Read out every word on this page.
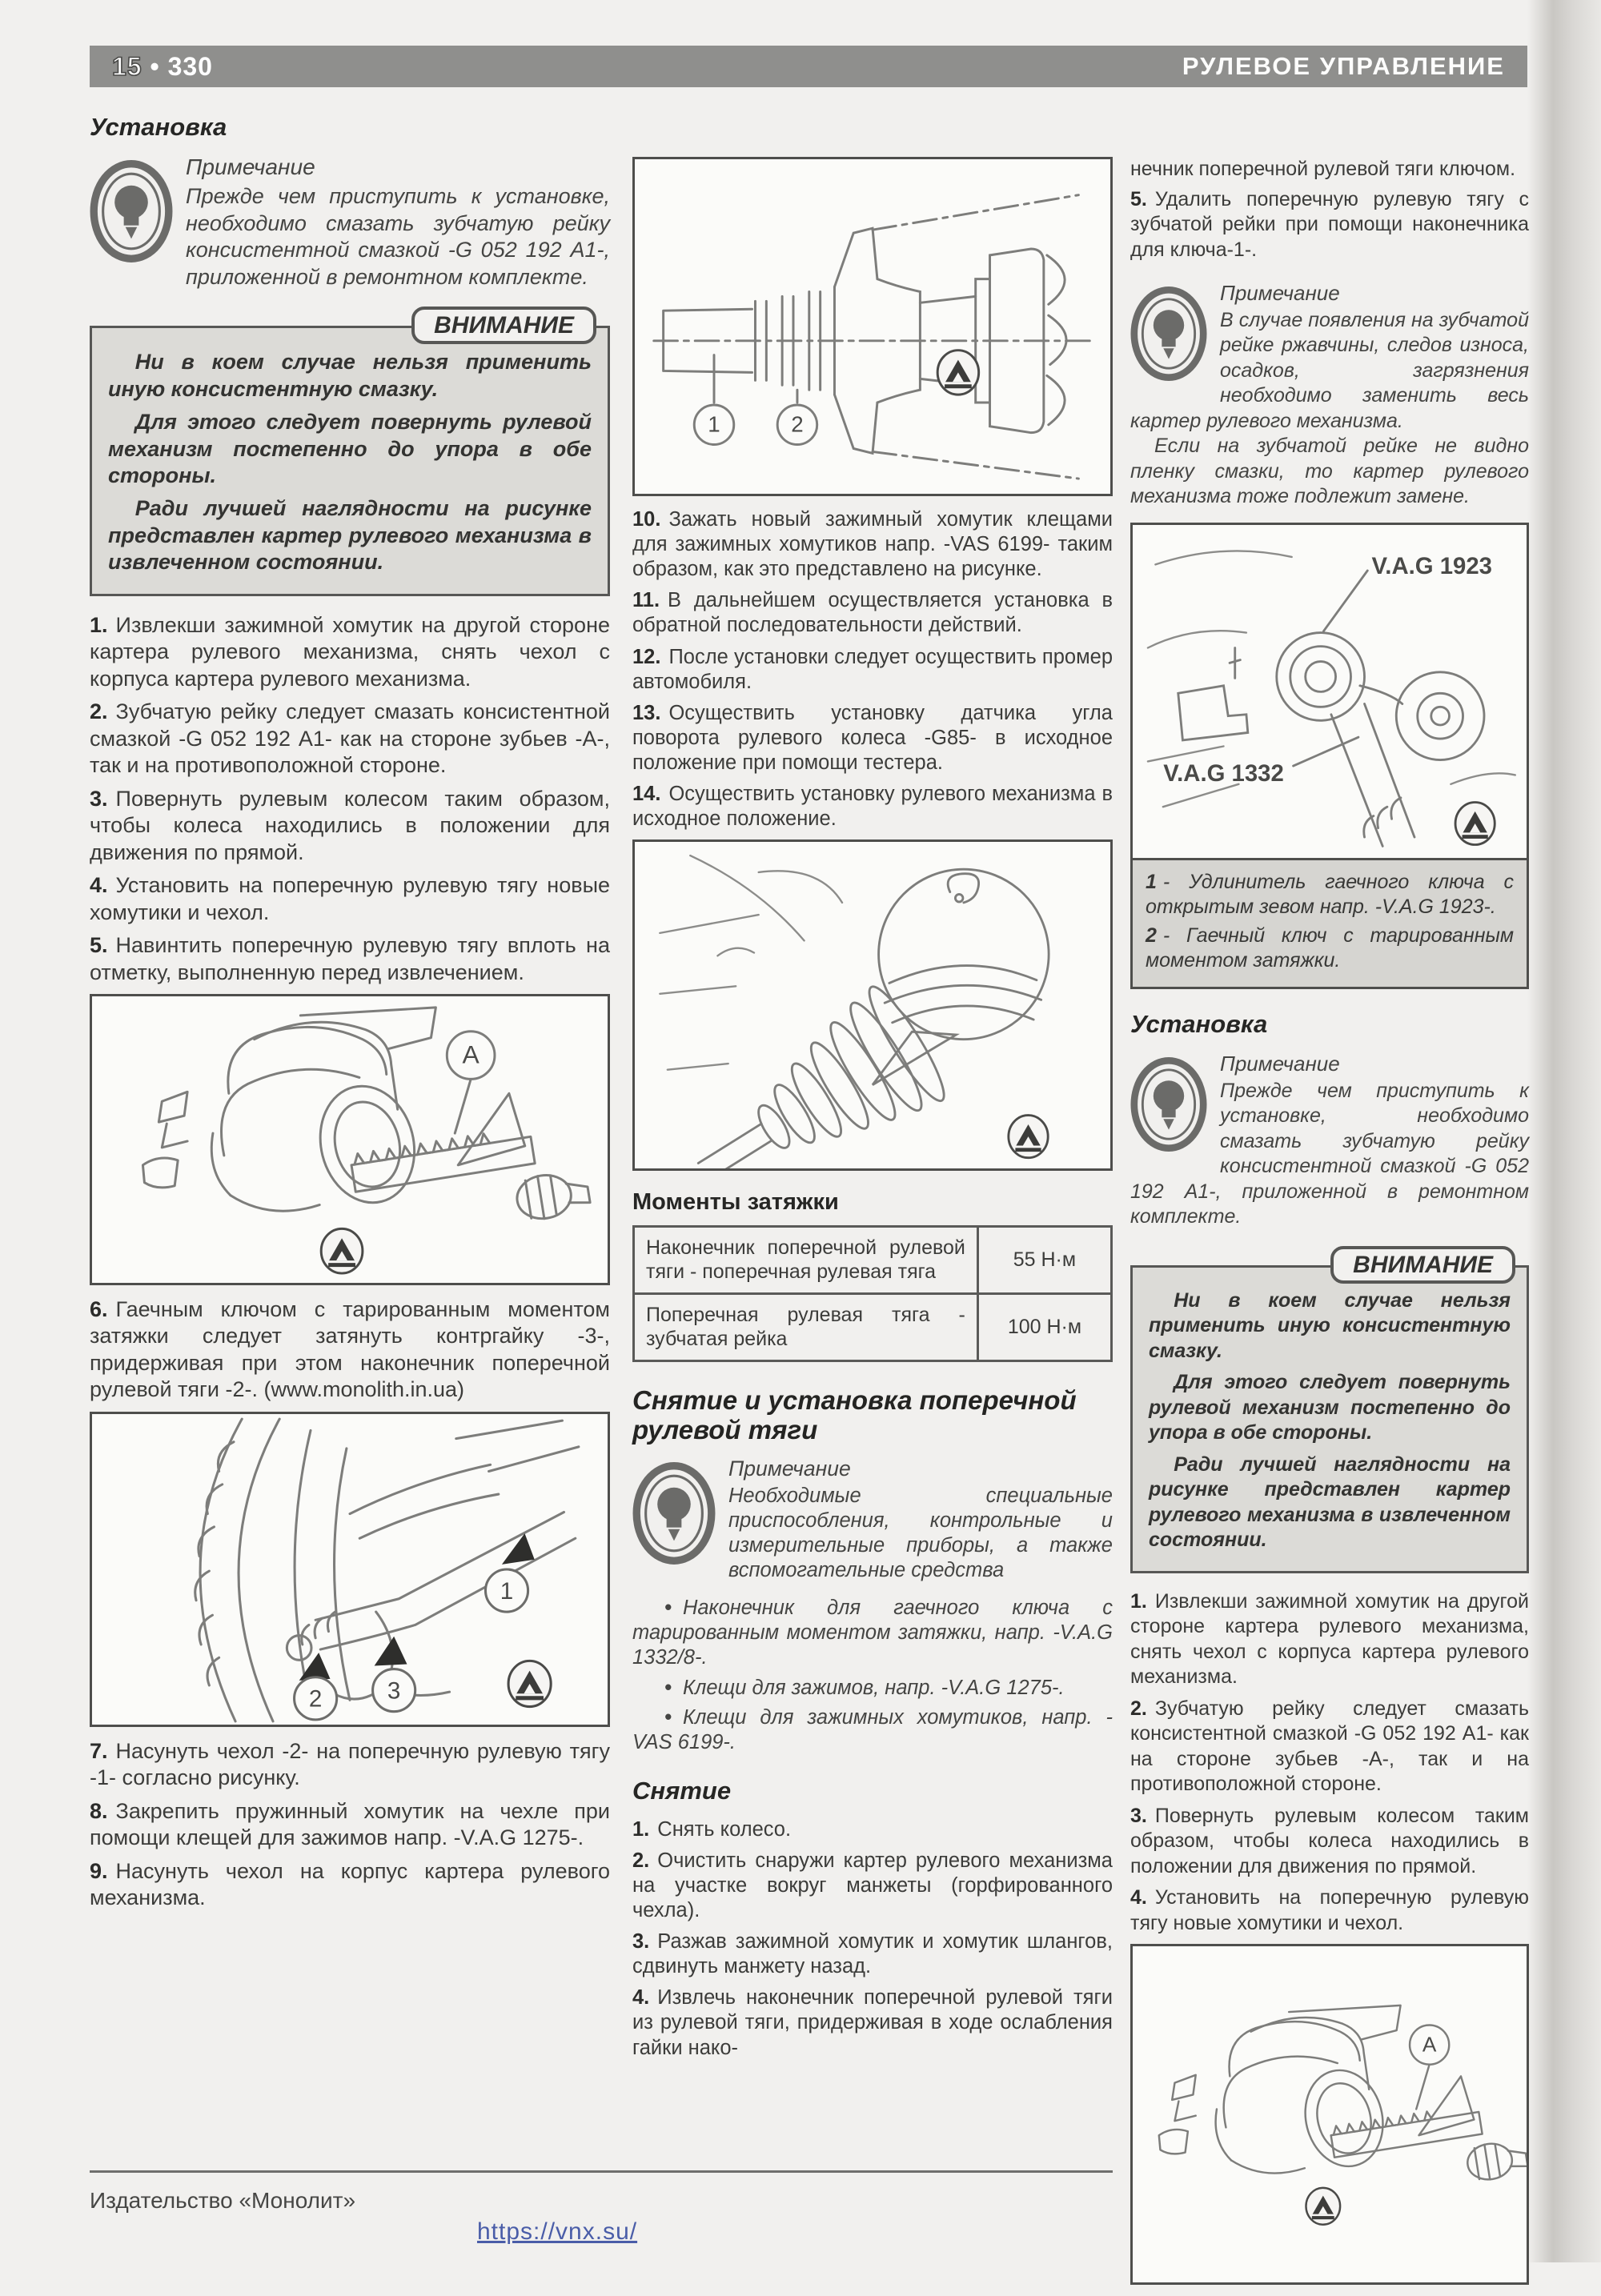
15 • 330	РУЛЕВОЕ УПРАВЛЕНИЕ
Установка

Примечание

Прежде чем приступить к установке, необходимо смазать зубчатую рейку консистентной смазкой -G 052 192 А1-, приложенной в ремонтном комплекте.

ВНИМАНИЕ

Ни в коем случае нельзя применить иную консистентную смазку.

Для этого следует повернуть рулевой механизм постепенно до упора в обе стороны.

Ради лучшей наглядности на рисунке представлен картер рулевого механизма в извлеченном состоянии.

1. Извлекши зажимной хомутик на другой стороне картера рулевого механизма, снять чехол с корпуса картера рулевого механизма.

2. Зубчатую рейку следует смазать консистентной смазкой -G 052 192 А1- как на стороне зубьев -А-, так и на противоположной стороне.

3. Повернуть рулевым колесом таким образом, чтобы колеса находились в положении для движения по прямой.

4. Установить на поперечную рулевую тягу новые хомутики и чехол.

5. Навинтить поперечную рулевую тягу вплоть на отметку, выполненную перед извлечением.

A

6. Гаечным ключом с тарированным моментом затяжки следует затянуть контргайку -3-, придерживая при этом наконечник поперечной рулевой тяги -2-. (www.monolith.in.ua)

1
2	3

7. Насунуть чехол -2- на поперечную рулевую тягу -1- согласно рисунку.

8. Закрепить пружинный хомутик на чехле при помощи клещей для зажимов напр. -V.A.G 1275-.

9. Насунуть чехол на корпус картера рулевого механизма.

1	2

10. Зажать новый зажимный хомутик клещами для зажимных хомутиков напр. -VAS 6199- таким образом, как это представлено на рисунке.

11. В дальнейшем осуществляется установка в обратной последовательности действий.

12. После установки следует осуществить промер автомобиля.

13. Осуществить установку датчика угла поворота рулевого колеса -G85- в исходное положение при помощи тестера.

14. Осуществить установку рулевого механизма в исходное положение.

Моменты затяжки
Наконечник поперечной рулевой тяги - поперечная рулевая тяга	55 Н·м
Поперечная рулевая тяга - зубчатая рейка	100 Н·м
Снятие и установка поперечной рулевой тяги

Примечание

Необходимые специальные приспособления, контрольные и измерительные приборы, а также вспомогательные средства

• Наконечник для гаечного ключа с тарированным моментом затяжки, напр. -V.A.G 1332/8-.
• Клещи для зажимов, напр. -V.A.G 1275-.
• Клещи для зажимных хомутиков, напр. -VAS 6199-.
Снятие

1. Снять колесо.

2. Очистить снаружи картер рулевого механизма на участке вокруг манжеты (горфированного чехла).

3. Разжав зажимной хомутик и хомутик шлангов, сдвинуть манжету назад.

4. Извлечь наконечник поперечной рулевой тяги из рулевой тяги, придерживая в ходе ослабления гайки нако-

нечник поперечной рулевой тяги ключом.

5. Удалить поперечную рулевую тягу с зубчатой рейки при помощи наконечника для ключа-1-.

Примечание

В случае появления на зубчатой рейке ржавчины, следов износа, осадков, загрязнения необходимо заменить весь картер рулевого механизма.

Если на зубчатой рейке не видно пленку смазки, то картер рулевого механизма тоже подлежит замене.

V.A.G 1923
V.A.G 1332

1 - Удлинитель гаечного ключа с открытым зевом напр. -V.A.G 1923-.

2 - Гаечный ключ с тарированным моментом затяжки.

Установка

Примечание

Прежде чем приступить к установке, необходимо смазать зубчатую рейку консистентной смазкой -G 052 192 А1-, приложенной в ремонтном комплекте.

ВНИМАНИЕ

Ни в коем случае нельзя применить иную консистентную смазку.

Для этого следует повернуть рулевой механизм постепенно до упора в обе стороны.

Ради лучшей наглядности на рисунке представлен картер рулевого механизма в извлеченном состоянии.

1. Извлекши зажимной хомутик на другой стороне картера рулевого механизма, снять чехол с корпуса картера рулевого механизма.

2. Зубчатую рейку следует смазать консистентной смазкой -G 052 192 А1- как на стороне зубьев -А-, так и на противоположной стороне.

3. Повернуть рулевым колесом таким образом, чтобы колеса находились в положении для движения по прямой.

4. Установить на поперечную рулевую тягу новые хомутики и чехол.

A
Издательство «Монолит»
https://vnx.su/
